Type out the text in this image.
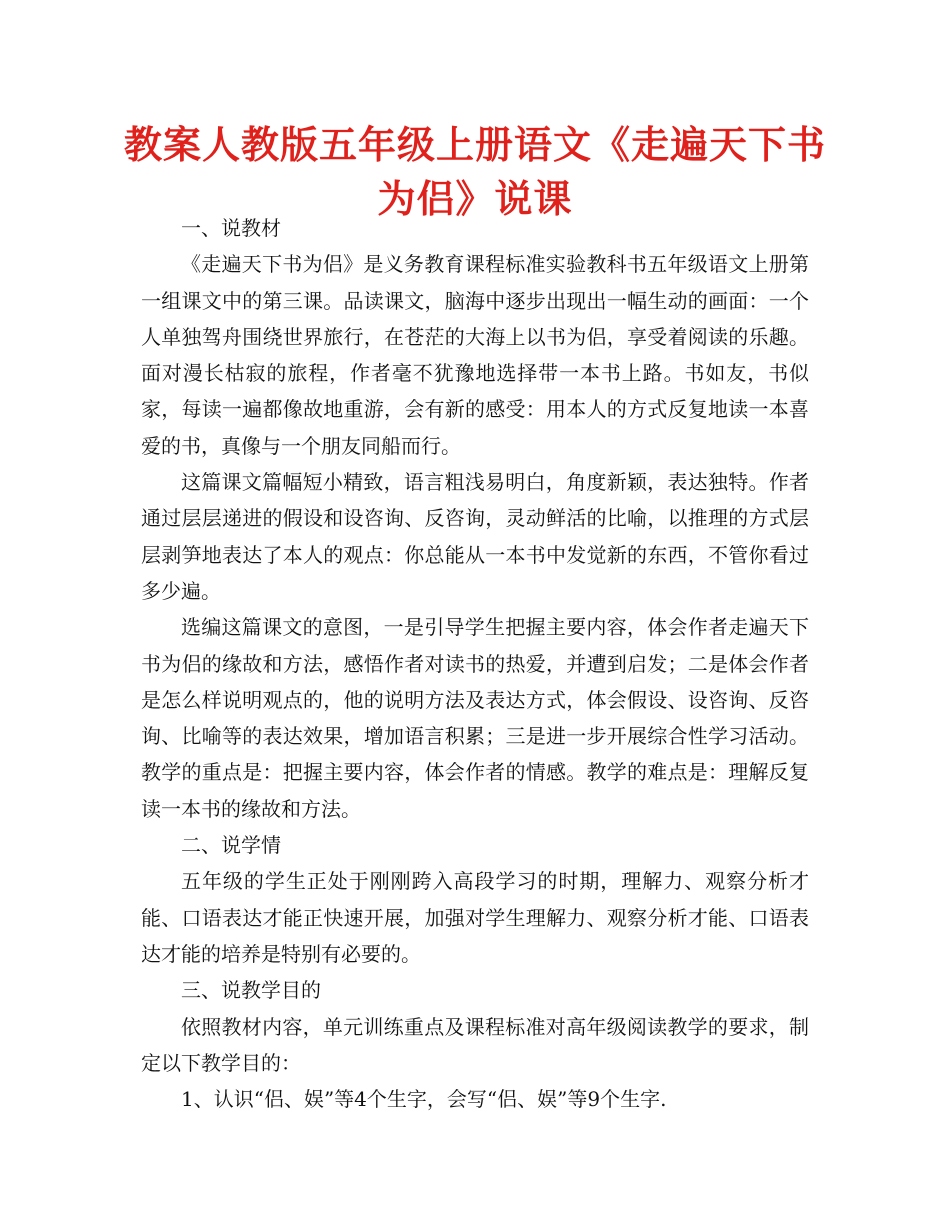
教案人教版五年级上册语文《走遍天下书为侣》说课

一、说教材

《走遍天下书为侣》是义务教育课程标准实验教科书五年级语文上册第一组课文中的第三课。品读课文，脑海中逐步出现出一幅生动的画面：一个人单独驾舟围绕世界旅行，在苍茫的大海上以书为侣，享受着阅读的乐趣。面对漫长枯寂的旅程，作者毫不犹豫地选择带一本书上路。书如友，书似家，每读一遍都像故地重游，会有新的感受：用本人的方式反复地读一本喜爱的书，真像与一个朋友同船而行。

这篇课文篇幅短小精致，语言粗浅易明白，角度新颖，表达独特。作者通过层层递进的假设和设咨询、反咨询，灵动鲜活的比喻，以推理的方式层层剥笋地表达了本人的观点：你总能从一本书中发觉新的东西，不管你看过多少遍。

选编这篇课文的意图，一是引导学生把握主要内容，体会作者走遍天下书为侣的缘故和方法，感悟作者对读书的热爱，并遭到启发；二是体会作者是怎么样说明观点的，他的说明方法及表达方式，体会假设、设咨询、反咨询、比喻等的表达效果，增加语言积累；三是进一步开展综合性学习活动。教学的重点是：把握主要内容，体会作者的情感。教学的难点是：理解反复读一本书的缘故和方法。

二、说学情

五年级的学生正处于刚刚跨入高段学习的时期，理解力、观察分析才能、口语表达才能正快速开展，加强对学生理解力、观察分析才能、口语表达才能的培养是特别有必要的。

三、说教学目的

依照教材内容，单元训练重点及课程标准对高年级阅读教学的要求，制定以下教学目的：

1、认识“侣、娱”等4个生字，会写“侣、娱”等9个生字.
